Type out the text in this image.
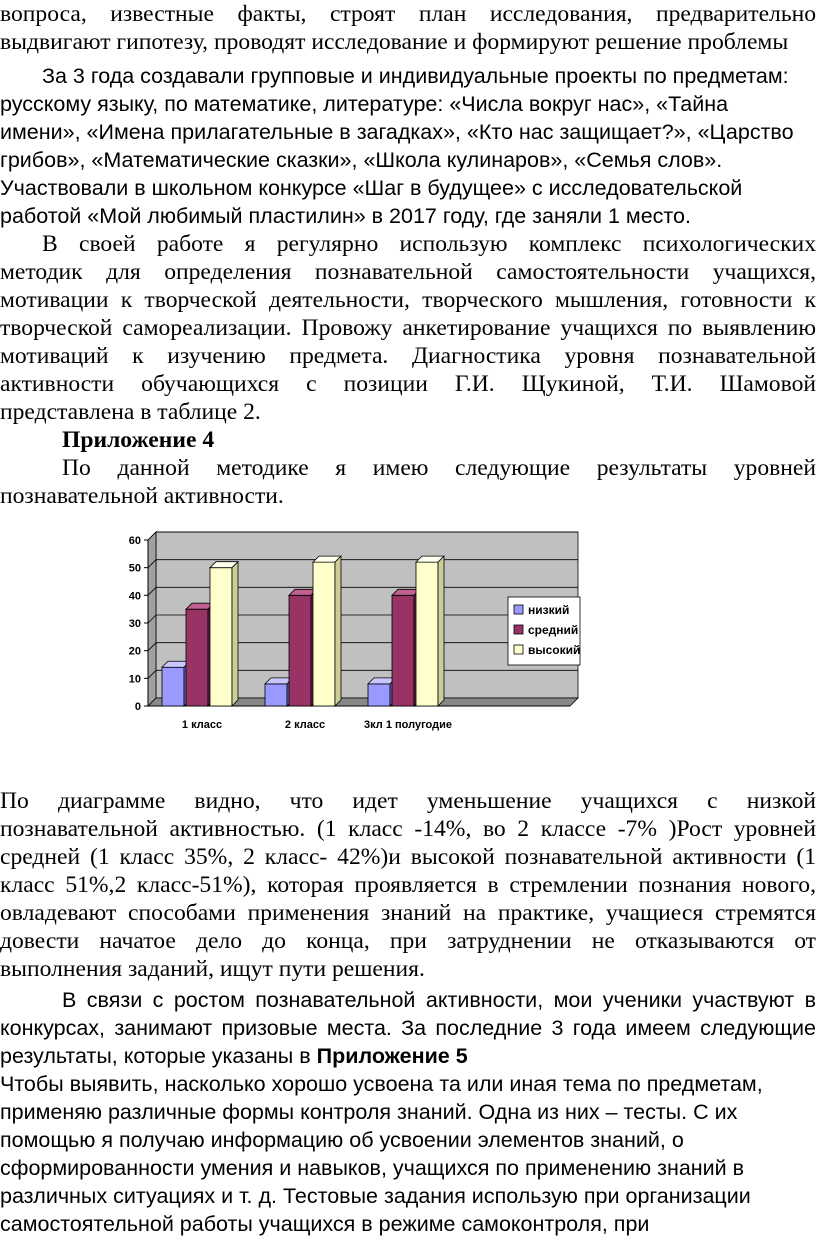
вопроса, известные факты, строят план исследования, предварительно

выдвигают гипотезу, проводят исследование и формируют решение проблемы

За 3 года создавали групповые и индивидуальные проекты по предметам:

русскому языку, по математике, литературе: «Числа вокруг нас», «Тайна

имени», «Имена прилагательные в загадках», «Кто нас защищает?», «Царство

грибов», «Математические сказки», «Школа кулинаров», «Семья слов».

Участвовали в школьном конкурсе «Шаг в будущее» с исследовательской

работой «Мой любимый пластилин» в 2017 году, где заняли 1 место.

В своей работе я регулярно использую комплекс психологических

методик для определения познавательной самостоятельности учащихся,

мотивации к творческой деятельности, творческого мышления, готовности к

творческой самореализации. Провожу анкетирование учащихся по выявлению

мотиваций к изучению предмета. Диагностика уровня познавательной

активности обучающихся с позиции Г.И. Щукиной, Т.И. Шамовой

представлена в таблице 2.

Приложение 4

По данной методике я имею следующие результаты уровней

познавательной активности.

0
10
20
30
40
50
60
1 класс	2 класс	3кл 1 полугодие
низкий
средний
высокий

По диаграмме видно, что идет уменьшение учащихся с низкой

познавательной активностью. (1 класс -14%, во 2 классе -7% )Рост уровней

средней (1 класс 35%, 2 класс- 42%)и высокой познавательной активности (1

класс 51%,2 класс-51%), которая проявляется в стремлении познания нового,

овладевают способами применения знаний на практике, учащиеся стремятся

довести начатое дело до конца, при затруднении не отказываются от

выполнения заданий, ищут пути решения.

В связи с ростом познавательной активности, мои ученики участвуют в

конкурсах, занимают призовые места. За последние 3 года имеем следующие

результаты, которые указаны в Приложение 5

Чтобы выявить, насколько хорошо усвоена та или иная тема по предметам,

применяю различные формы контроля знаний. Одна из них – тесты. С их

помощью я получаю информацию об усвоении элементов знаний, о

сформированности умения и навыков, учащихся по применению знаний в

различных ситуациях и т. д. Тестовые задания использую при организации

самостоятельной работы учащихся в режиме самоконтроля, при
